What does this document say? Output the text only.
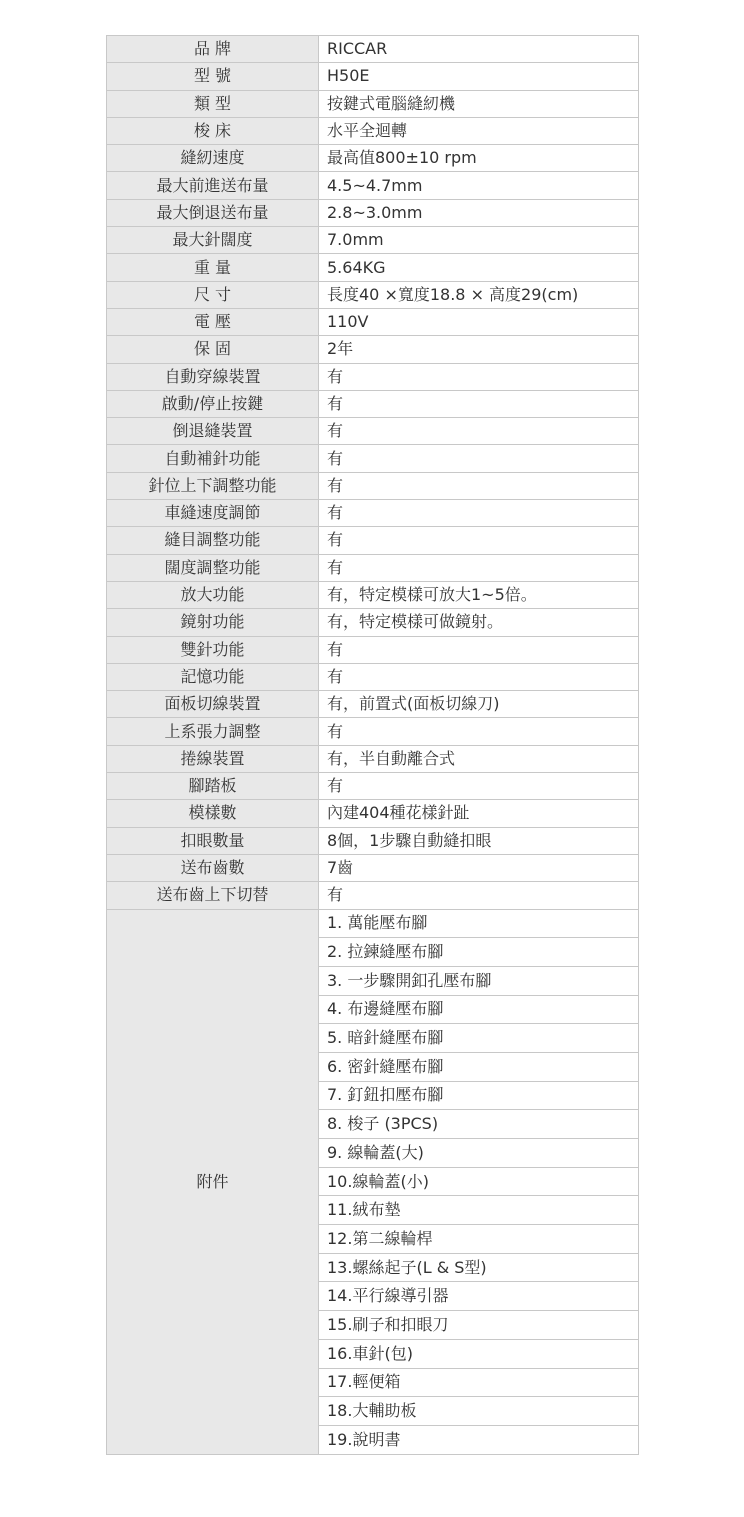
品 牌	RICCAR
型 號	H50E
類 型	按鍵式電腦縫紉機
梭 床	水平全迴轉
縫紉速度	最高值800±10 rpm
最大前進送布量	4.5~4.7mm
最大倒退送布量	2.8~3.0mm
最大針闊度	7.0mm
重 量	5.64KG
尺 寸	長度40 ×寬度18.8 × 高度29(cm)
電 壓	110V
保 固	2年
自動穿線裝置	有
啟動/停止按鍵	有
倒退縫裝置	有
自動補針功能	有
針位上下調整功能	有
車縫速度調節	有
縫目調整功能	有
闊度調整功能	有
放大功能	有，特定模樣可放大1~5倍。
鏡射功能	有，特定模樣可做鏡射。
雙針功能	有
記憶功能	有
面板切線裝置	有，前置式(面板切線刀)
上系張力調整	有
捲線裝置	有，半自動離合式
腳踏板	有
模樣數	內建404種花樣針趾
扣眼數量	8個，1步驟自動縫扣眼
送布齒數	7齒
送布齒上下切替	有
附件	1. 萬能壓布腳
	2. 拉鍊縫壓布腳
	3. 一步驟開釦孔壓布腳
	4. 布邊縫壓布腳
	5. 暗針縫壓布腳
	6. 密針縫壓布腳
	7. 釘鈕扣壓布腳
	8. 梭子 (3PCS)
	9. 線輪蓋(大)
	10.線輪蓋(小)
	11.絨布墊
	12.第二線輪桿
	13.螺絲起子(L & S型)
	14.平行線導引器
	15.刷子和扣眼刀
	16.車針(包)
	17.輕便箱
	18.大輔助板
	19.說明書
